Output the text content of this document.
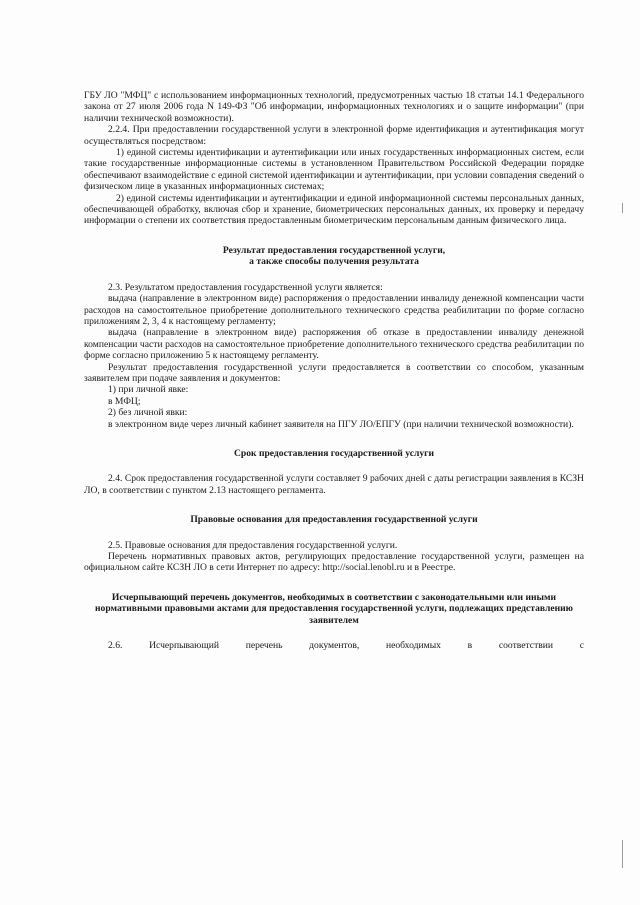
ГБУ ЛО "МФЦ" с использованием информационных технологий, предусмотренных частью 18 статьи 14.1 Федерального закона от 27 июля 2006 года N 149-ФЗ "Об информации, информационных технологиях и о защите информации" (при наличии технической возможности).

2.2.4. При предоставлении государственной услуги в электронной форме идентификация и аутентификация могут осуществляться посредством:

1) единой системы идентификации и аутентификации или иных государственных информационных систем, если такие государственные информационные системы в установленном Правительством Российской Федерации порядке обеспечивают взаимодействие с единой системой идентификации и аутентификации, при условии совпадения сведений о физическом лице в указанных информационных системах;

2) единой системы идентификации и аутентификации и единой информационной системы персональных данных, обеспечивающей обработку, включая сбор и хранение, биометрических персональных данных, их проверку и передачу информации о степени их соответствия предоставленным биометрическим персональным данным физического лица.

Результат предоставления государственной услуги,
а также способы получения результата

2.3. Результатом предоставления государственной услуги является:

выдача (направление в электронном виде) распоряжения о предоставлении инвалиду денежной компенсации части расходов на самостоятельное приобретение дополнительного технического средства реабилитации по форме согласно приложениям 2, 3, 4 к настоящему регламенту;

выдача (направление в электронном виде) распоряжения об отказе в предоставлении инвалиду денежной компенсации части расходов на самостоятельное приобретение дополнительного технического средства реабилитации по форме согласно приложению 5 к настоящему регламенту.

Результат предоставления государственной услуги предоставляется в соответствии со способом, указанным заявителем при подаче заявления и документов:

1) при личной явке:

в МФЦ;

2) без личной явки:

в электронном виде через личный кабинет заявителя на ПГУ ЛО/ЕПГУ (при наличии технической возможности).

Срок предоставления государственной услуги

2.4. Срок предоставления государственной услуги составляет 9 рабочих дней с даты регистрации заявления в КСЗН ЛО, в соответствии с пунктом 2.13 настоящего регламента.

Правовые основания для предоставления государственной услуги

2.5. Правовые основания для предоставления государственной услуги.

Перечень нормативных правовых актов, регулирующих предоставление государственной услуги, размещен на официальном сайте КСЗН ЛО в сети Интернет по адресу: http://social.lenobl.ru и в Реестре.

Исчерпывающий перечень документов, необходимых в соответствии с законодательными или иными нормативными правовыми актами для предоставления государственной услуги, подлежащих представлению заявителем

2.6. Исчерпывающий перечень документов, необходимых в соответствии с
